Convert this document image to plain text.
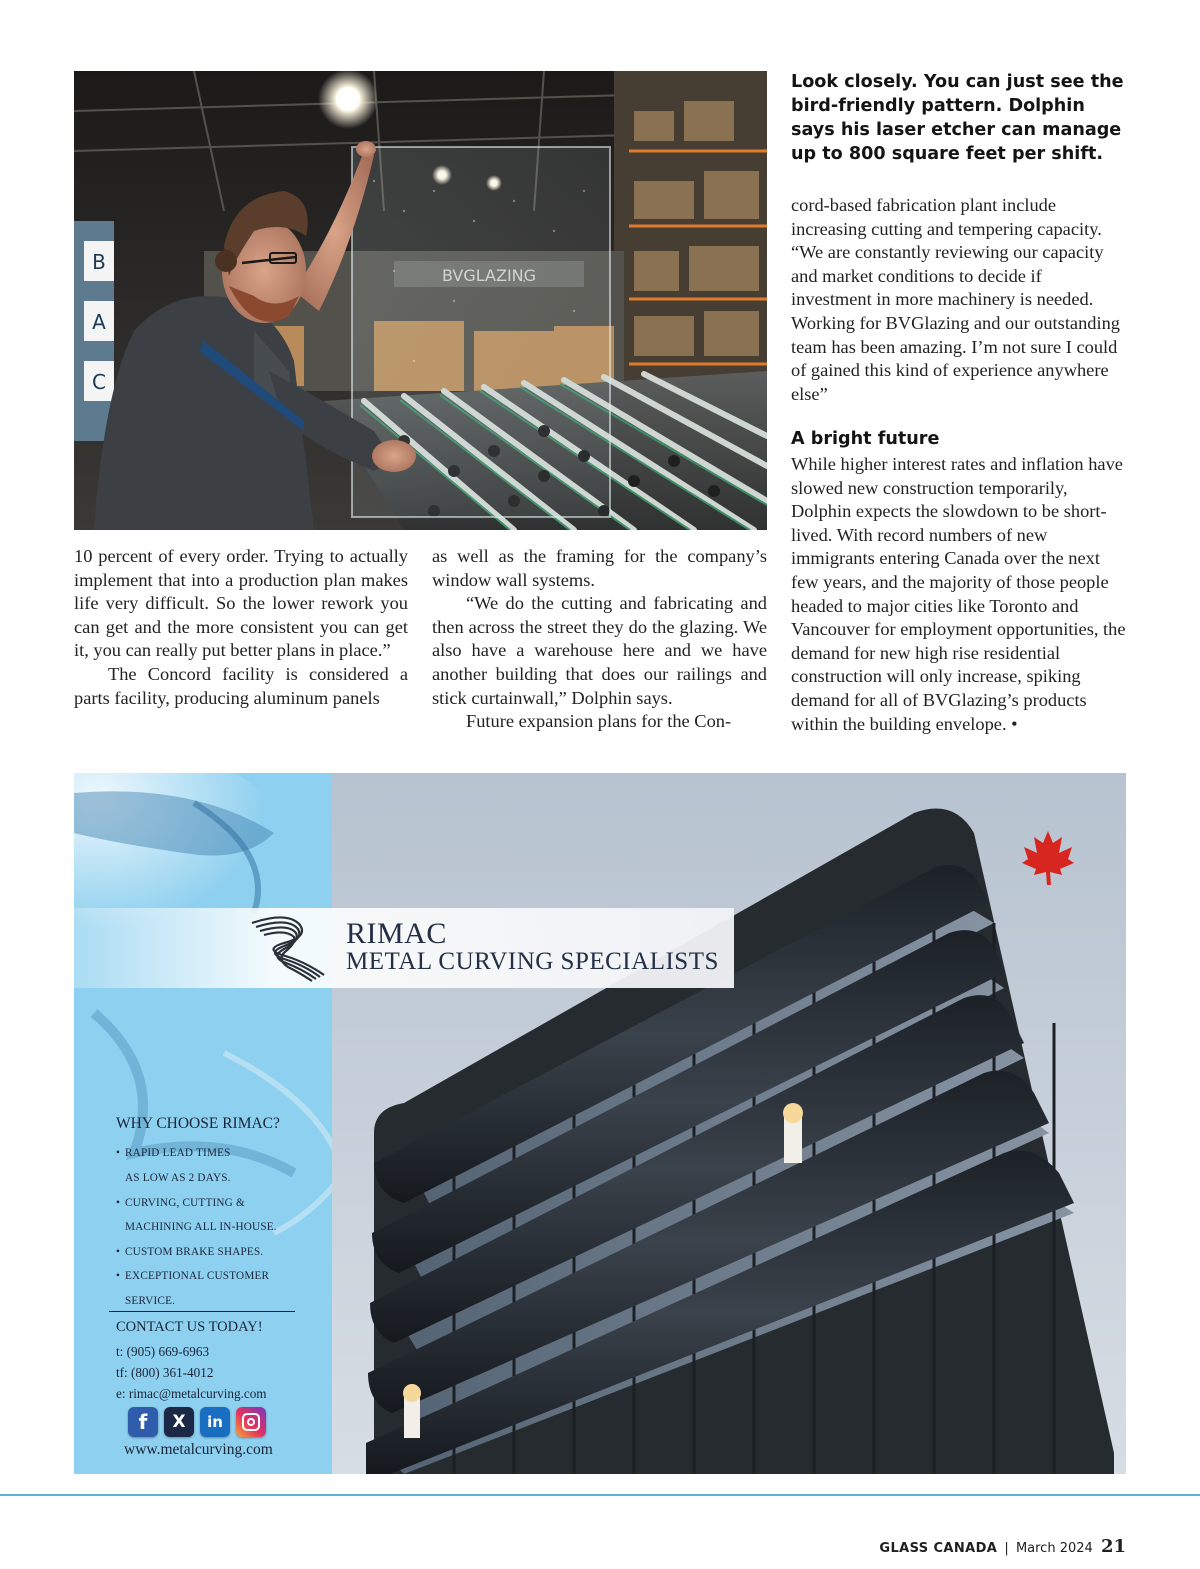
B
A
C
Look closely. You can just see the bird-friendly pattern. Dolphin says his laser etcher can manage up to 800 square feet per shift.

10 percent of every order. Trying to actually implement that into a production plan makes life very difficult. So the lower rework you can get and the more consistent you can get it, you can really put better plans in place.”

The Concord facility is considered a parts facility, producing aluminum panels

as well as the framing for the company’s window wall systems.

“We do the cutting and fabricating and then across the street they do the glazing. We also have a warehouse here and we have another building that does our railings and stick curtainwall,” Dolphin says.

Future expansion plans for the Con-

cord-based fabrication plant include increasing cutting and tempering capacity. “We are constantly reviewing our capacity and market conditions to decide if investment in more machinery is needed. Working for BVGlazing and our outstanding team has been amazing. I’m not sure I could of gained this kind of experience anywhere else”

A bright future

While higher interest rates and inflation have slowed new construction temporarily, Dolphin expects the slowdown to be short-lived. With record numbers of new immigrants entering Canada over the next few years, and the majority of those people headed to major cities like Toronto and Vancouver for employment opportunities, the demand for new high rise residential construction will only increase, spiking demand for all of BVGlazing’s products within the building envelope. •

RIMAC
METAL CURVING SPECIALISTS
WHY CHOOSE RIMAC?
• RAPID LEAD TIMES
AS LOW AS 2 DAYS.
• CURVING, CUTTING &
MACHINING ALL IN-HOUSE.
• CUSTOM BRAKE SHAPES.
• EXCEPTIONAL CUSTOMER
SERVICE.
CONTACT US TODAY!
t: (905) 669-6963
tf: (800) 361-4012
e: rimac@metalcurving.com
f	X	in
www.metalcurving.com
GLASS CANADA | March 2024 21
